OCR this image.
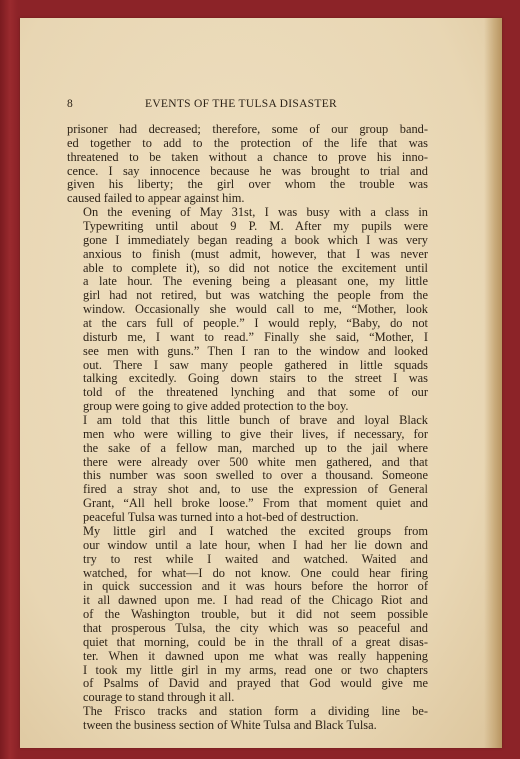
8	EVENTS OF THE TULSA DISASTER

prisoner had decreased; therefore, some of our group band-
ed together to add to the protection of the life that was
threatened to be taken without a chance to prove his inno-
cence. I say innocence because he was brought to trial and
given his liberty; the girl over whom the trouble was
caused failed to appear against him.

On the evening of May 31st, I was busy with a class in
Typewriting until about 9 P. M. After my pupils were
gone I immediately began reading a book which I was very
anxious to finish (must admit, however, that I was never
able to complete it), so did not notice the excitement until
a late hour. The evening being a pleasant one, my little
girl had not retired, but was watching the people from the
window. Occasionally she would call to me, “Mother, look
at the cars full of people.” I would reply, “Baby, do not
disturb me, I want to read.” Finally she said, “Mother, I
see men with guns.” Then I ran to the window and looked
out. There I saw many people gathered in little squads
talking excitedly. Going down stairs to the street I was
told of the threatened lynching and that some of our
group were going to give added protection to the boy.

I am told that this little bunch of brave and loyal Black
men who were willing to give their lives, if necessary, for
the sake of a fellow man, marched up to the jail where
there were already over 500 white men gathered, and that
this number was soon swelled to over a thousand. Someone
fired a stray shot and, to use the expression of General
Grant, “All hell broke loose.” From that moment quiet and
peaceful Tulsa was turned into a hot-bed of destruction.

My little girl and I watched the excited groups from
our window until a late hour, when I had her lie down and
try to rest while I waited and watched. Waited and
watched, for what—I do not know. One could hear firing
in quick succession and it was hours before the horror of
it all dawned upon me. I had read of the Chicago Riot and
of the Washington trouble, but it did not seem possible
that prosperous Tulsa, the city which was so peaceful and
quiet that morning, could be in the thrall of a great disas-
ter. When it dawned upon me what was really happening
I took my little girl in my arms, read one or two chapters
of Psalms of David and prayed that God would give me
courage to stand through it all.

The Frisco tracks and station form a dividing line be-
tween the business section of White Tulsa and Black Tulsa.
